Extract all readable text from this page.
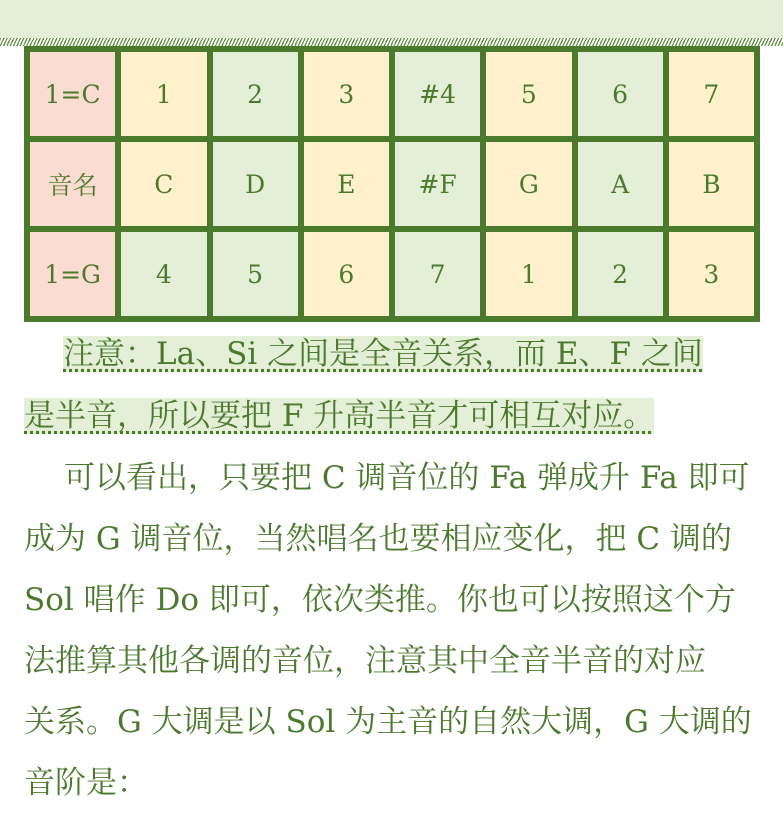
1=C	1	2	3	#4	5	6	7
音名	C	D	E	#F	G	A	B
1=G	4	5	6	7	1	2	3
注意：La、Si 之间是全音关系，而 E、F 之间
是半音，所以要把 F 升高半音才可相互对应。
可以看出，只要把 C 调音位的 Fa 弹成升 Fa 即可
成为 G 调音位，当然唱名也要相应变化，把 C 调的
Sol 唱作 Do 即可，依次类推。你也可以按照这个方
法推算其他各调的音位，注意其中全音半音的对应
关系。G 大调是以 Sol 为主音的自然大调，G 大调的
音阶是：
